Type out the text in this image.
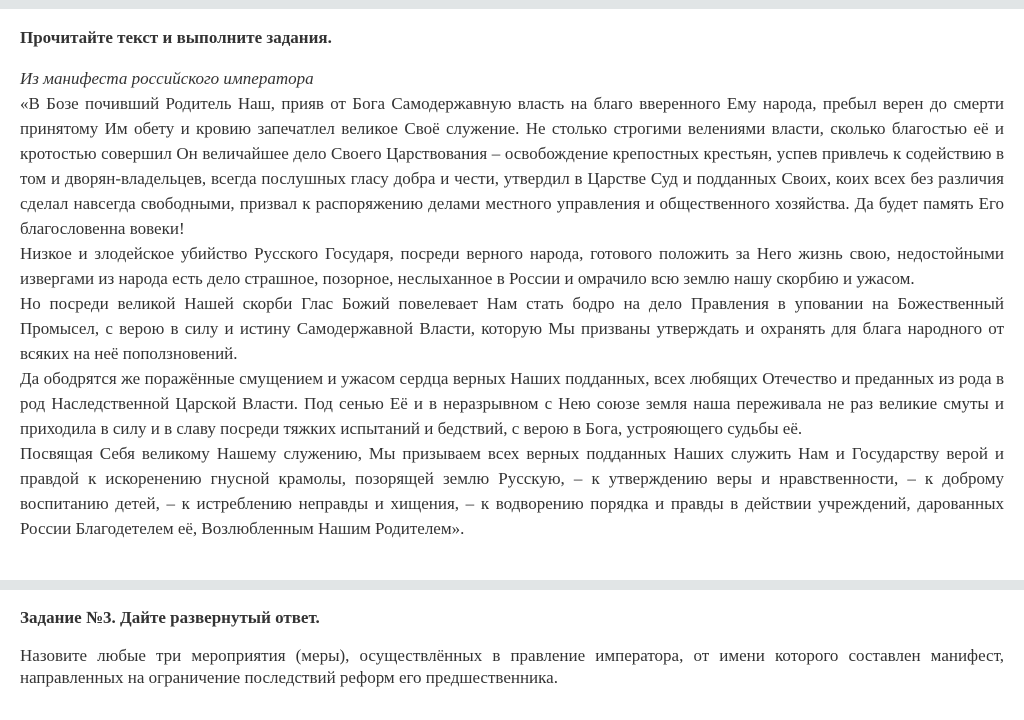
Прочитайте текст и выполните задания.

Из манифеста российского императора

«В Бозе почивший Родитель Наш, прияв от Бога Самодержавную власть на благо вверенного Ему народа, пребыл верен до смерти принятому Им обету и кровию запечатлел великое Своё служение. Не столько строгими велениями власти, сколько благостью её и кротостью совершил Он величайшее дело Своего Царствования – освобождение крепостных крестьян, успев привлечь к содействию в том и дворян-владельцев, всегда послушных гласу добра и чести, утвердил в Царстве Суд и подданных Своих, коих всех без различия сделал навсегда свободными, призвал к распоряжению делами местного управления и общественного хозяйства. Да будет память Его благословенна вовеки!

Низкое и злодейское убийство Русского Государя, посреди верного народа, готового положить за Него жизнь свою, недостойными извергами из народа есть дело страшное, позорное, неслыханное в России и омрачило всю землю нашу скорбию и ужасом.

Но посреди великой Нашей скорби Глас Божий повелевает Нам стать бодро на дело Правления в уповании на Божественный Промысел, с верою в силу и истину Самодержавной Власти, которую Мы призваны утверждать и охранять для блага народного от всяких на неё поползновений.

Да ободрятся же поражённые смущением и ужасом сердца верных Наших подданных, всех любящих Отечество и преданных из рода в род Наследственной Царской Власти. Под сенью Её и в неразрывном с Нею союзе земля наша переживала не раз великие смуты и приходила в силу и в славу посреди тяжких испытаний и бедствий, с верою в Бога, устрояющего судьбы её.

Посвящая Себя великому Нашему служению, Мы призываем всех верных подданных Наших служить Нам и Государству верой и правдой к искоренению гнусной крамолы, позорящей землю Русскую, – к утверждению веры и нравственности, – к доброму воспитанию детей, – к истреблению неправды и хищения, – к водворению порядка и правды в действии учреждений, дарованных России Благодетелем её, Возлюбленным Нашим Родителем».

Задание №3. Дайте развернутый ответ.

Назовите любые три мероприятия (меры), осуществлённых в правление императора, от имени которого составлен манифест, направленных на ограничение последствий реформ его предшественника.
